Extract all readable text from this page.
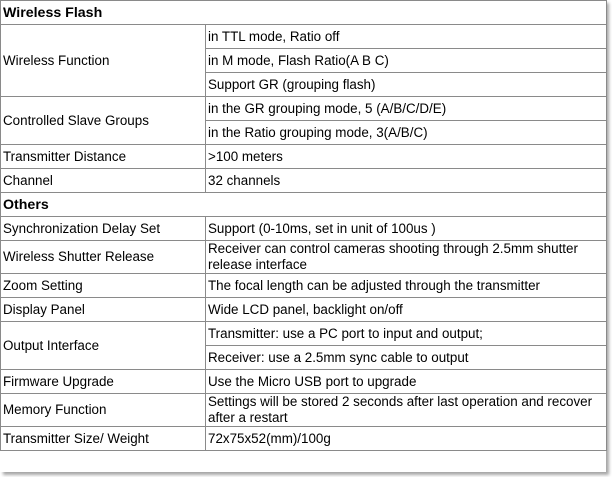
Wireless Flash	
Wireless Function	in TTL mode, Ratio off
	in M mode, Flash Ratio(A B C)
	Support GR (grouping flash)
Controlled Slave Groups	in the GR grouping mode, 5 (A/B/C/D/E)
	in the Ratio grouping mode, 3(A/B/C)
Transmitter Distance	>100 meters
Channel	32 channels
Others	
Synchronization Delay Set	Support (0-10ms, set in unit of 100us )
Wireless Shutter Release	Receiver can control cameras shooting through 2.5mm shutter release interface
Zoom Setting	The focal length can be adjusted through the transmitter
Display Panel	Wide LCD panel, backlight on/off
Output Interface	Transmitter: use a PC port to input and output;
	Receiver: use a 2.5mm sync cable to output
Firmware Upgrade	Use the Micro USB port to upgrade
Memory Function	Settings will be stored 2 seconds after last operation and recover after a restart
Transmitter Size/ Weight	72x75x52(mm)/100g
